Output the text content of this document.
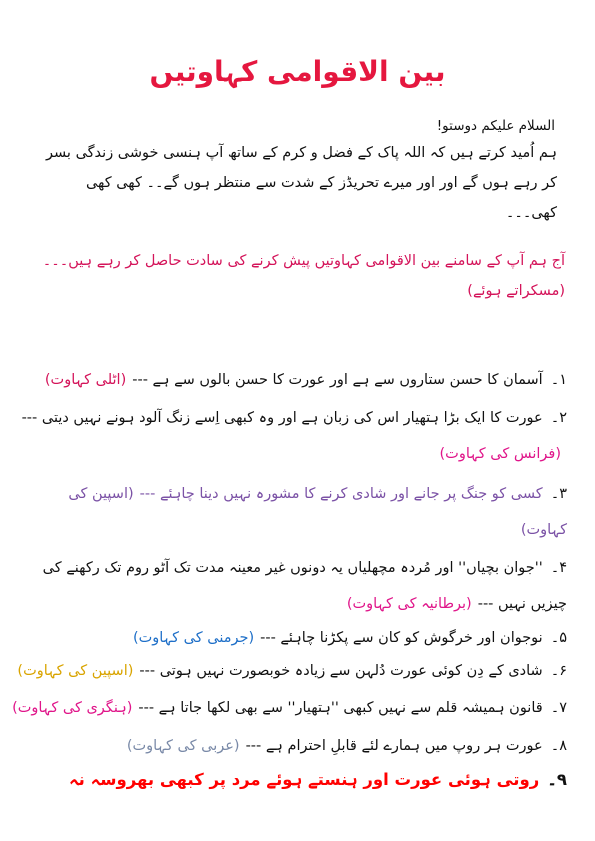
بین الاقوامی کہاوتیں
السلام علیکم دوستو!
ہم اُمید کرتے ہیں کہ اللہ پاک کے فضل و کرم کے ساتھ آپ ہنسی خوشی زندگی بسر کر رہے ہوں گے اور اور میرے تحریڈز کے شدت سے منتظر ہوں گے۔۔ کھی کھی کھی۔۔۔
آج ہم آپ کے سامنے بین الاقوامی کہاوتیں پیش کرنے کی سادت حاصل کر رہے ہیں۔۔۔ (مسکراتے ہوئے)
۱۔آسمان کا حسن ستاروں سے ہے اور عورت کا حسن بالوں سے ہے ---(اٹلی کہاوت)
۲۔عورت کا ایک بڑا ہتھیار اس کی زبان ہے اور وہ کبھی اِسے زنگ آلود ہونے نہیں دیتی ---(فرانس کی کہاوت)
۳۔کسی کو جنگ پر جانے اور شادی کرنے کا مشورہ نہیں دینا چاہئے ---(اسپین کی کہاوت)
۴۔''جوان بچیاں'' اور مُردہ مچھلیاں یہ دونوں غیر معینہ مدت تک آٹو روم تک رکھنے کی چیزیں نہیں ---(برطانیہ کی کہاوت)
۵۔نوجوان اور خرگوش کو کان سے پکڑنا چاہئے ---(جرمنی کی کہاوت)
۶۔شادی کے دِن کوئی عورت دُلہن سے زیادہ خوبصورت نہیں ہوتی ---(اسپین کی کہاوت)
۷۔قانون ہمیشہ قلم سے نہیں کبھی ''ہتھیار'' سے بھی لکھا جاتا ہے ---(ہنگری کی کہاوت)
۸۔عورت ہر روپ میں ہمارے لئے قابلِ احترام ہے ---(عربی کی کہاوت)
۹۔روتی ہوئی عورت اور ہنستے ہوئے مرد پر کبھی بھروسہ نہ
